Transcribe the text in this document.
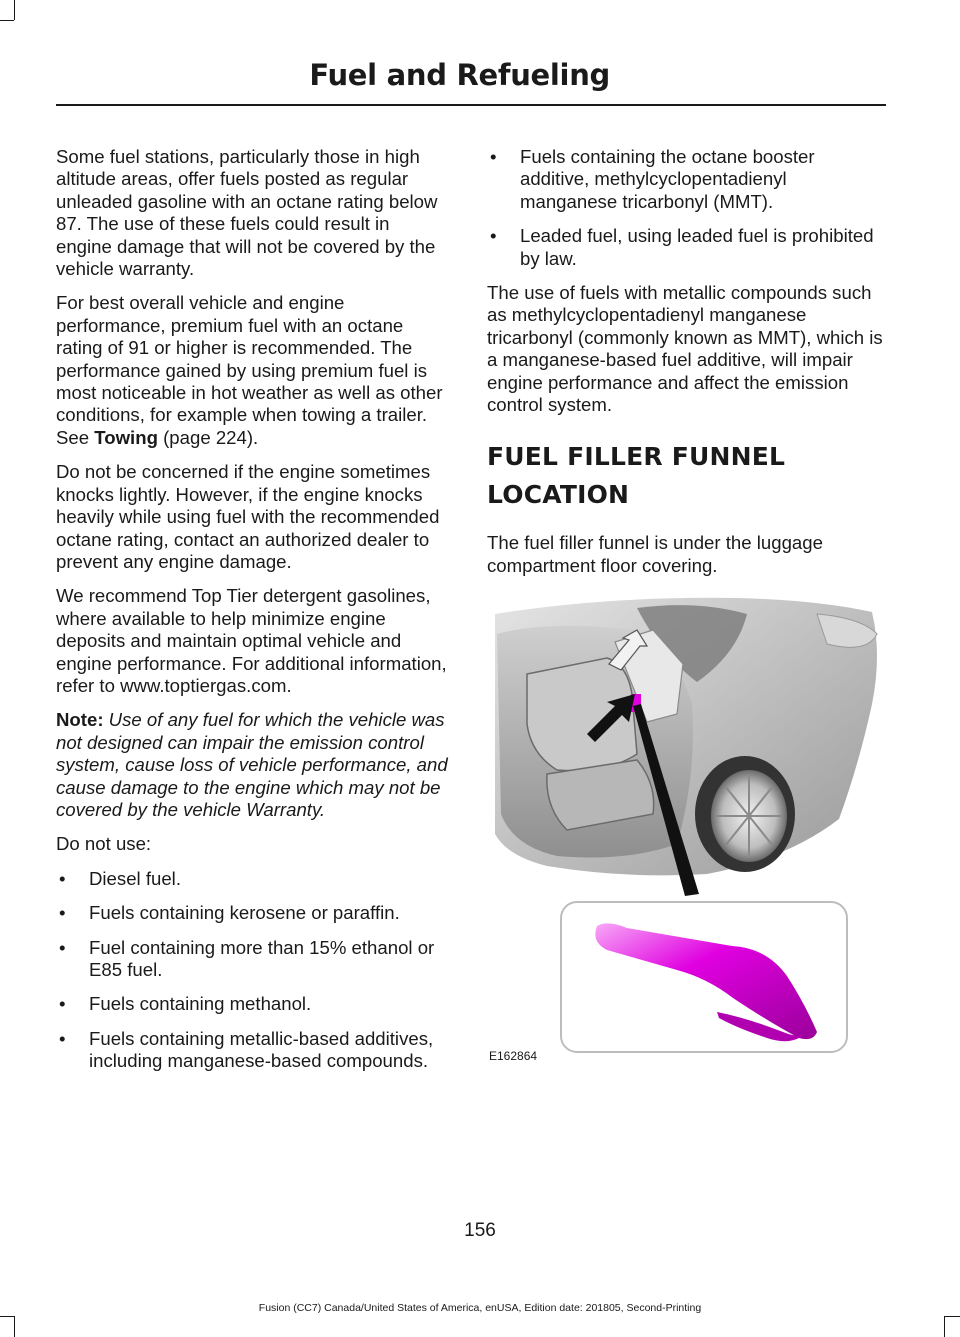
Fuel and Refueling

Some fuel stations, particularly those in high altitude areas, offer fuels posted as regular unleaded gasoline with an octane rating below 87. The use of these fuels could result in engine damage that will not be covered by the vehicle warranty.

For best overall vehicle and engine performance, premium fuel with an octane rating of 91 or higher is recommended. The performance gained by using premium fuel is most noticeable in hot weather as well as other conditions, for example when towing a trailer. See Towing (page 224).

Do not be concerned if the engine sometimes knocks lightly. However, if the engine knocks heavily while using fuel with the recommended octane rating, contact an authorized dealer to prevent any engine damage.

We recommend Top Tier detergent gasolines, where available to help minimize engine deposits and maintain optimal vehicle and engine performance. For additional information, refer to www.toptiergas.com.

Note: Use of any fuel for which the vehicle was not designed can impair the emission control system, cause loss of vehicle performance, and cause damage to the engine which may not be covered by the vehicle Warranty.

Do not use:

• Diesel fuel.
• Fuels containing kerosene or paraffin.
• Fuel containing more than 15% ethanol or E85 fuel.
• Fuels containing methanol.
• Fuels containing metallic-based additives, including manganese-based compounds.
• Fuels containing the octane booster additive, methylcyclopentadienyl manganese tricarbonyl (MMT).
• Leaded fuel, using leaded fuel is prohibited by law.

The use of fuels with metallic compounds such as methylcyclopentadienyl manganese tricarbonyl (commonly known as MMT), which is a manganese-based fuel additive, will impair engine performance and affect the emission control system.

FUEL FILLER FUNNEL
LOCATION

The fuel filler funnel is under the luggage compartment floor covering.

E162864
156
Fusion (CC7) Canada/United States of America, enUSA, Edition date: 201805, Second-Printing
